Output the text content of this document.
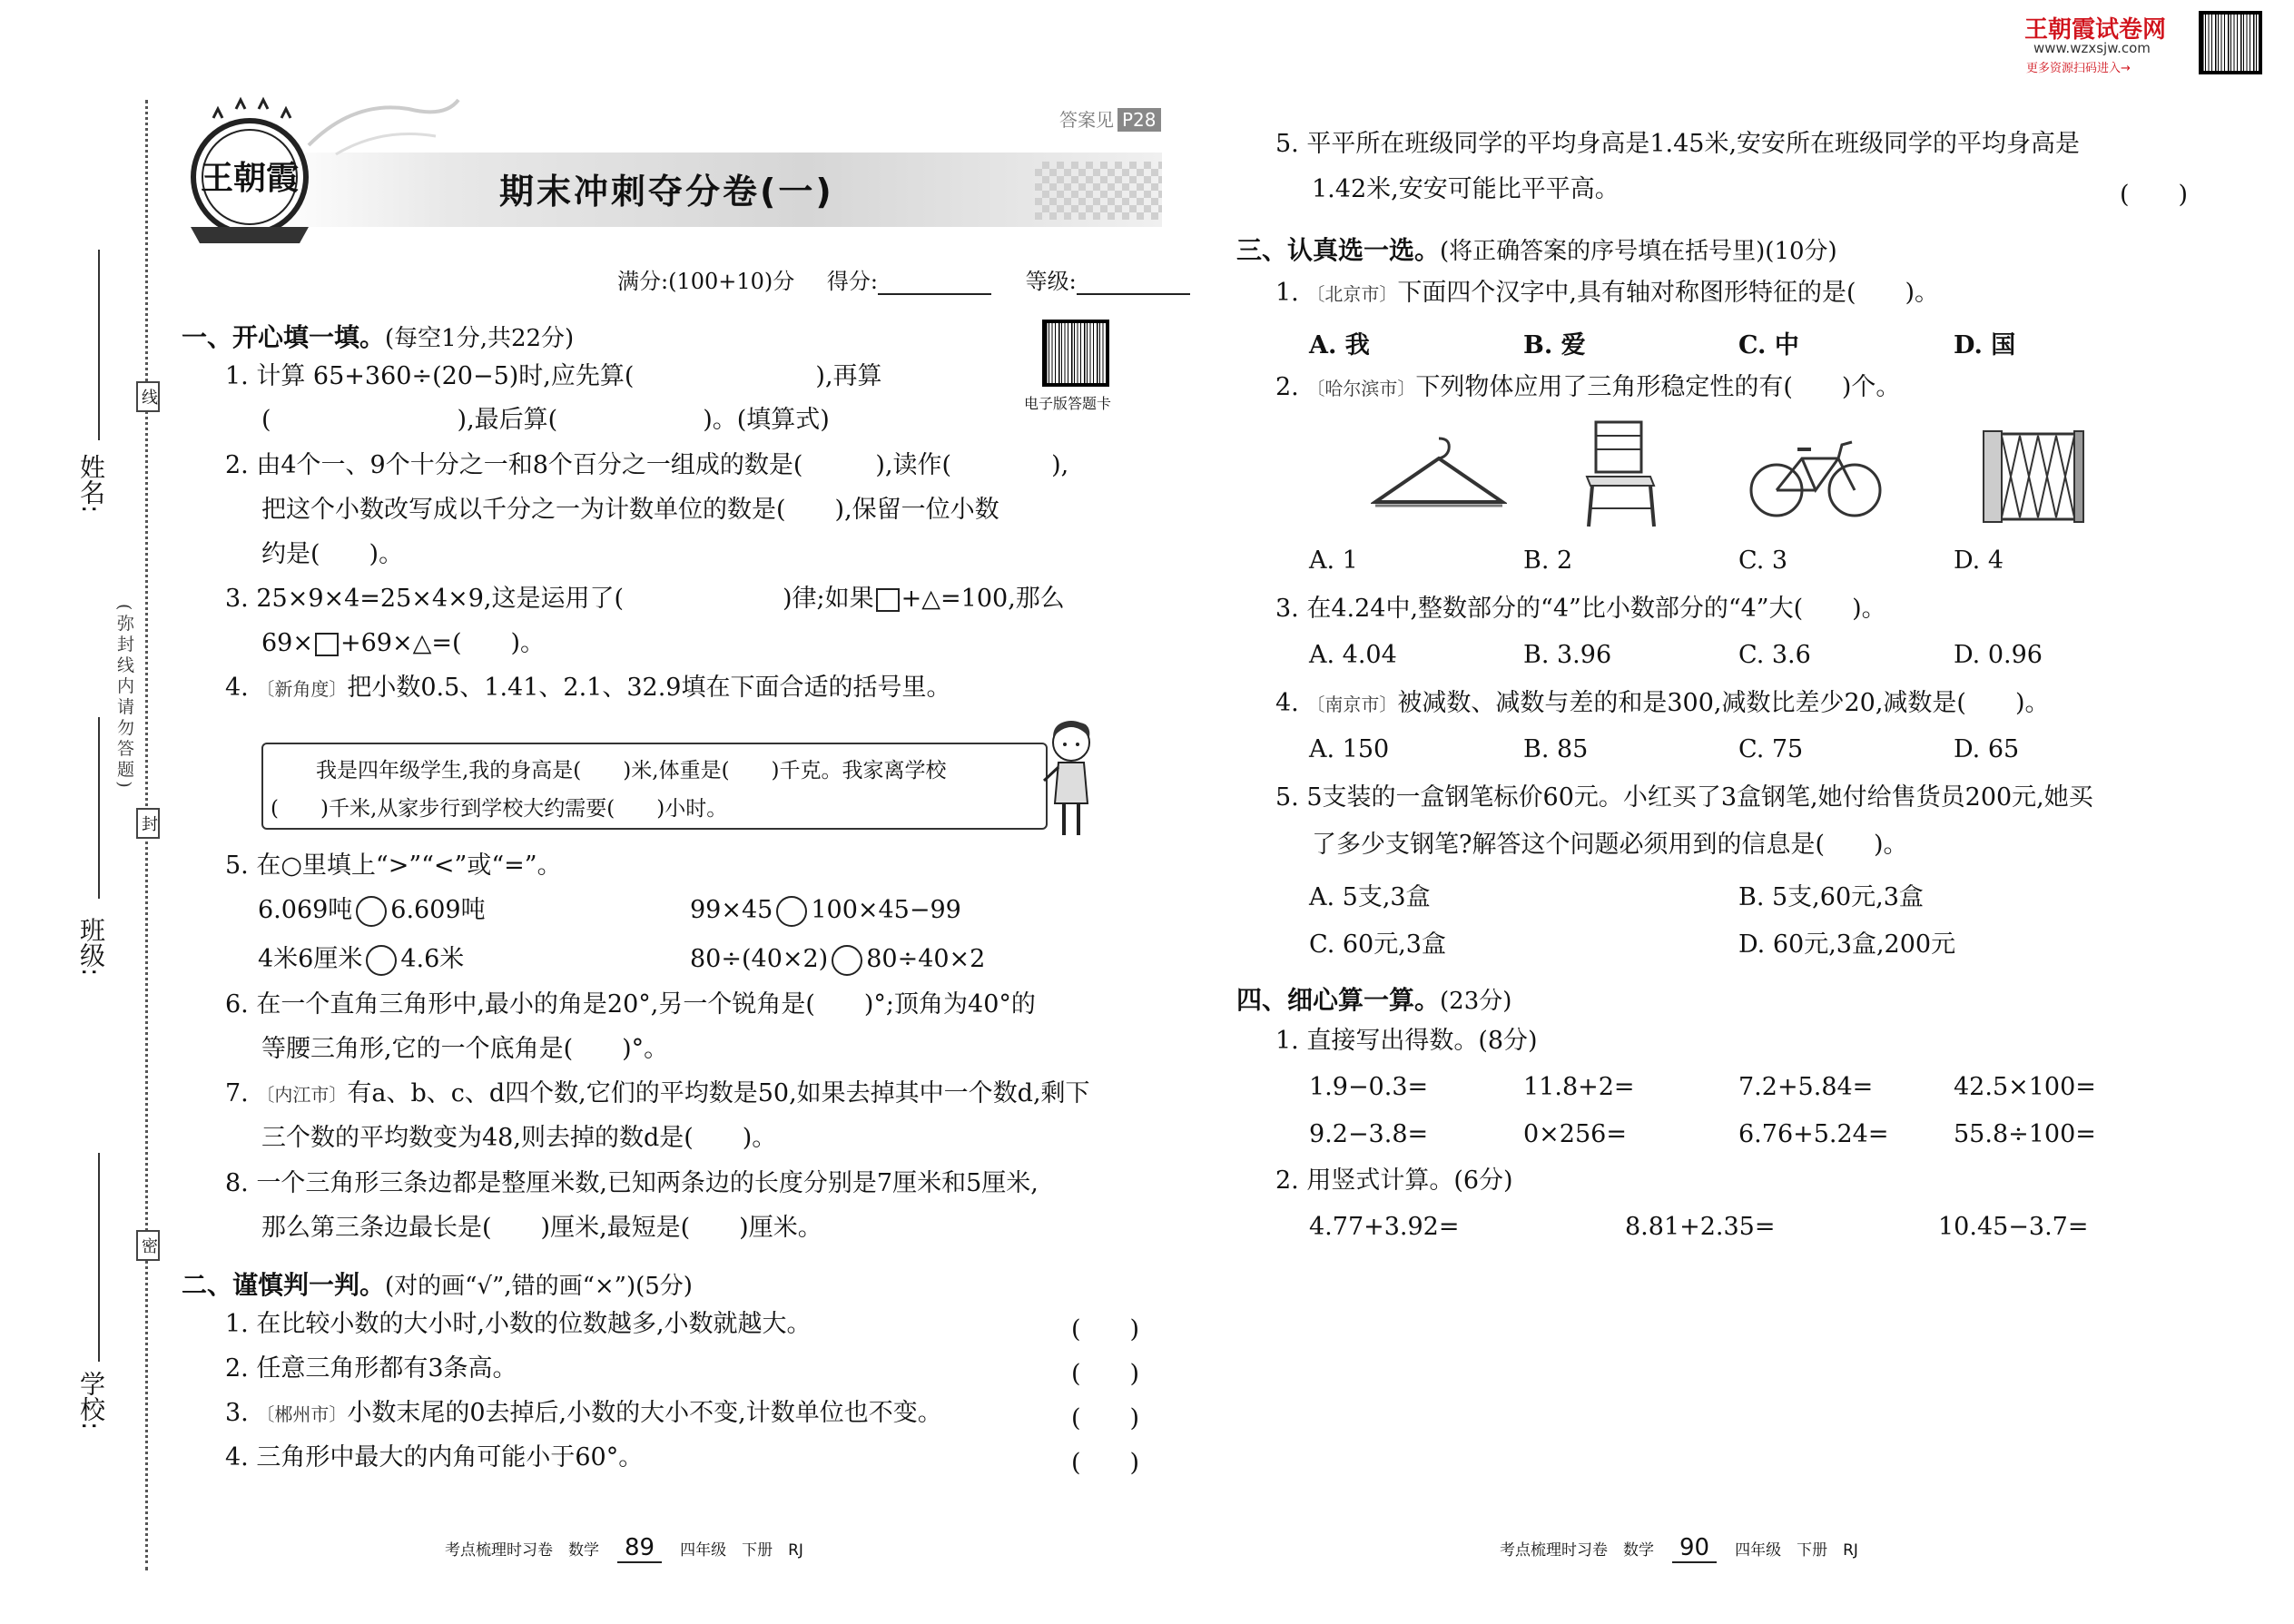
王朝霞试卷网
www.wzxsjw.com
更多资源扫码进入→
姓名:
班级:
学校:
线
封
密
(弥封线内请勿答题)
王朝霞
答案见 P28
期末冲刺夺分卷(一)
满分:(100+10)分 得分:	等级:
电子版答题卡
一、开心填一填。(每空1分,共22分)
1. 计算 65+360÷(20−5)时,应先算(	),再算
(	),最后算(	)。(填算式)
2. 由4个一、9个十分之一和8个百分之一组成的数是(	),读作(	),
把这个小数改写成以千分之一为计数单位的数是(　　),保留一位小数
约是(　　)。
3. 25×9×4=25×4×9,这是运用了(	)律;如果 +△=100,那么
69× +69×△=(　　)。
4. 〔新角度〕把小数0.5、1.41、2.1、32.9填在下面合适的括号里。
我是四年级学生,我的身高是(　　)米,体重是(　　)千克。我家离学校
(　　)千米,从家步行到学校大约需要(　　)小时。
5. 在○里填上“>”“<”或“=”。
6.069吨 6.609吨	99×45 100×45−99
4米6厘米 4.6米	80÷(40×2) 80÷40×2
6. 在一个直角三角形中,最小的角是20°,另一个锐角是(　　)°;顶角为40°的
等腰三角形,它的一个底角是(　　)°。
7. 〔内江市〕有a、b、c、d四个数,它们的平均数是50,如果去掉其中一个数d,剩下
三个数的平均数变为48,则去掉的数d是(　　)。
8. 一个三角形三条边都是整厘米数,已知两条边的长度分别是7厘米和5厘米,
那么第三条边最长是(　　)厘米,最短是(　　)厘米。
二、谨慎判一判。(对的画“√”,错的画“×”)(5分)
1. 在比较小数的大小时,小数的位数越多,小数就越大。	(　　)
2. 任意三角形都有3条高。	(　　)
3. 〔郴州市〕小数末尾的0去掉后,小数的大小不变,计数单位也不变。	(　　)
4. 三角形中最大的内角可能小于60°。	(　　)
考点梳理时习卷　数学 89 四年级　下册　RJ
5. 平平所在班级同学的平均身高是1.45米,安安所在班级同学的平均身高是
1.42米,安安可能比平平高。	(　　)
三、认真选一选。(将正确答案的序号填在括号里)(10分)
1. 〔北京市〕下面四个汉字中,具有轴对称图形特征的是(　　)。
A. 我	B. 爱	C. 中	D. 国
2. 〔哈尔滨市〕下列物体应用了三角形稳定性的有(　　)个。
A. 1	B. 2	C. 3	D. 4
3. 在4.24中,整数部分的“4”比小数部分的“4”大(　　)。
A. 4.04	B. 3.96	C. 3.6	D. 0.96
4. 〔南京市〕被减数、减数与差的和是300,减数比差少20,减数是(　　)。
A. 150	B. 85	C. 75	D. 65
5. 5支装的一盒钢笔标价60元。小红买了3盒钢笔,她付给售货员200元,她买
了多少支钢笔?解答这个问题必须用到的信息是(　　)。
A. 5支,3盒	B. 5支,60元,3盒
C. 60元,3盒	D. 60元,3盒,200元
四、细心算一算。(23分)
1. 直接写出得数。(8分)
1.9−0.3=	11.8+2=	7.2+5.84=	42.5×100=
9.2−3.8=	0×256=	6.76+5.24=	55.8÷100=
2. 用竖式计算。(6分)
4.77+3.92=	8.81+2.35=	10.45−3.7=
考点梳理时习卷　数学 90 四年级　下册　RJ
